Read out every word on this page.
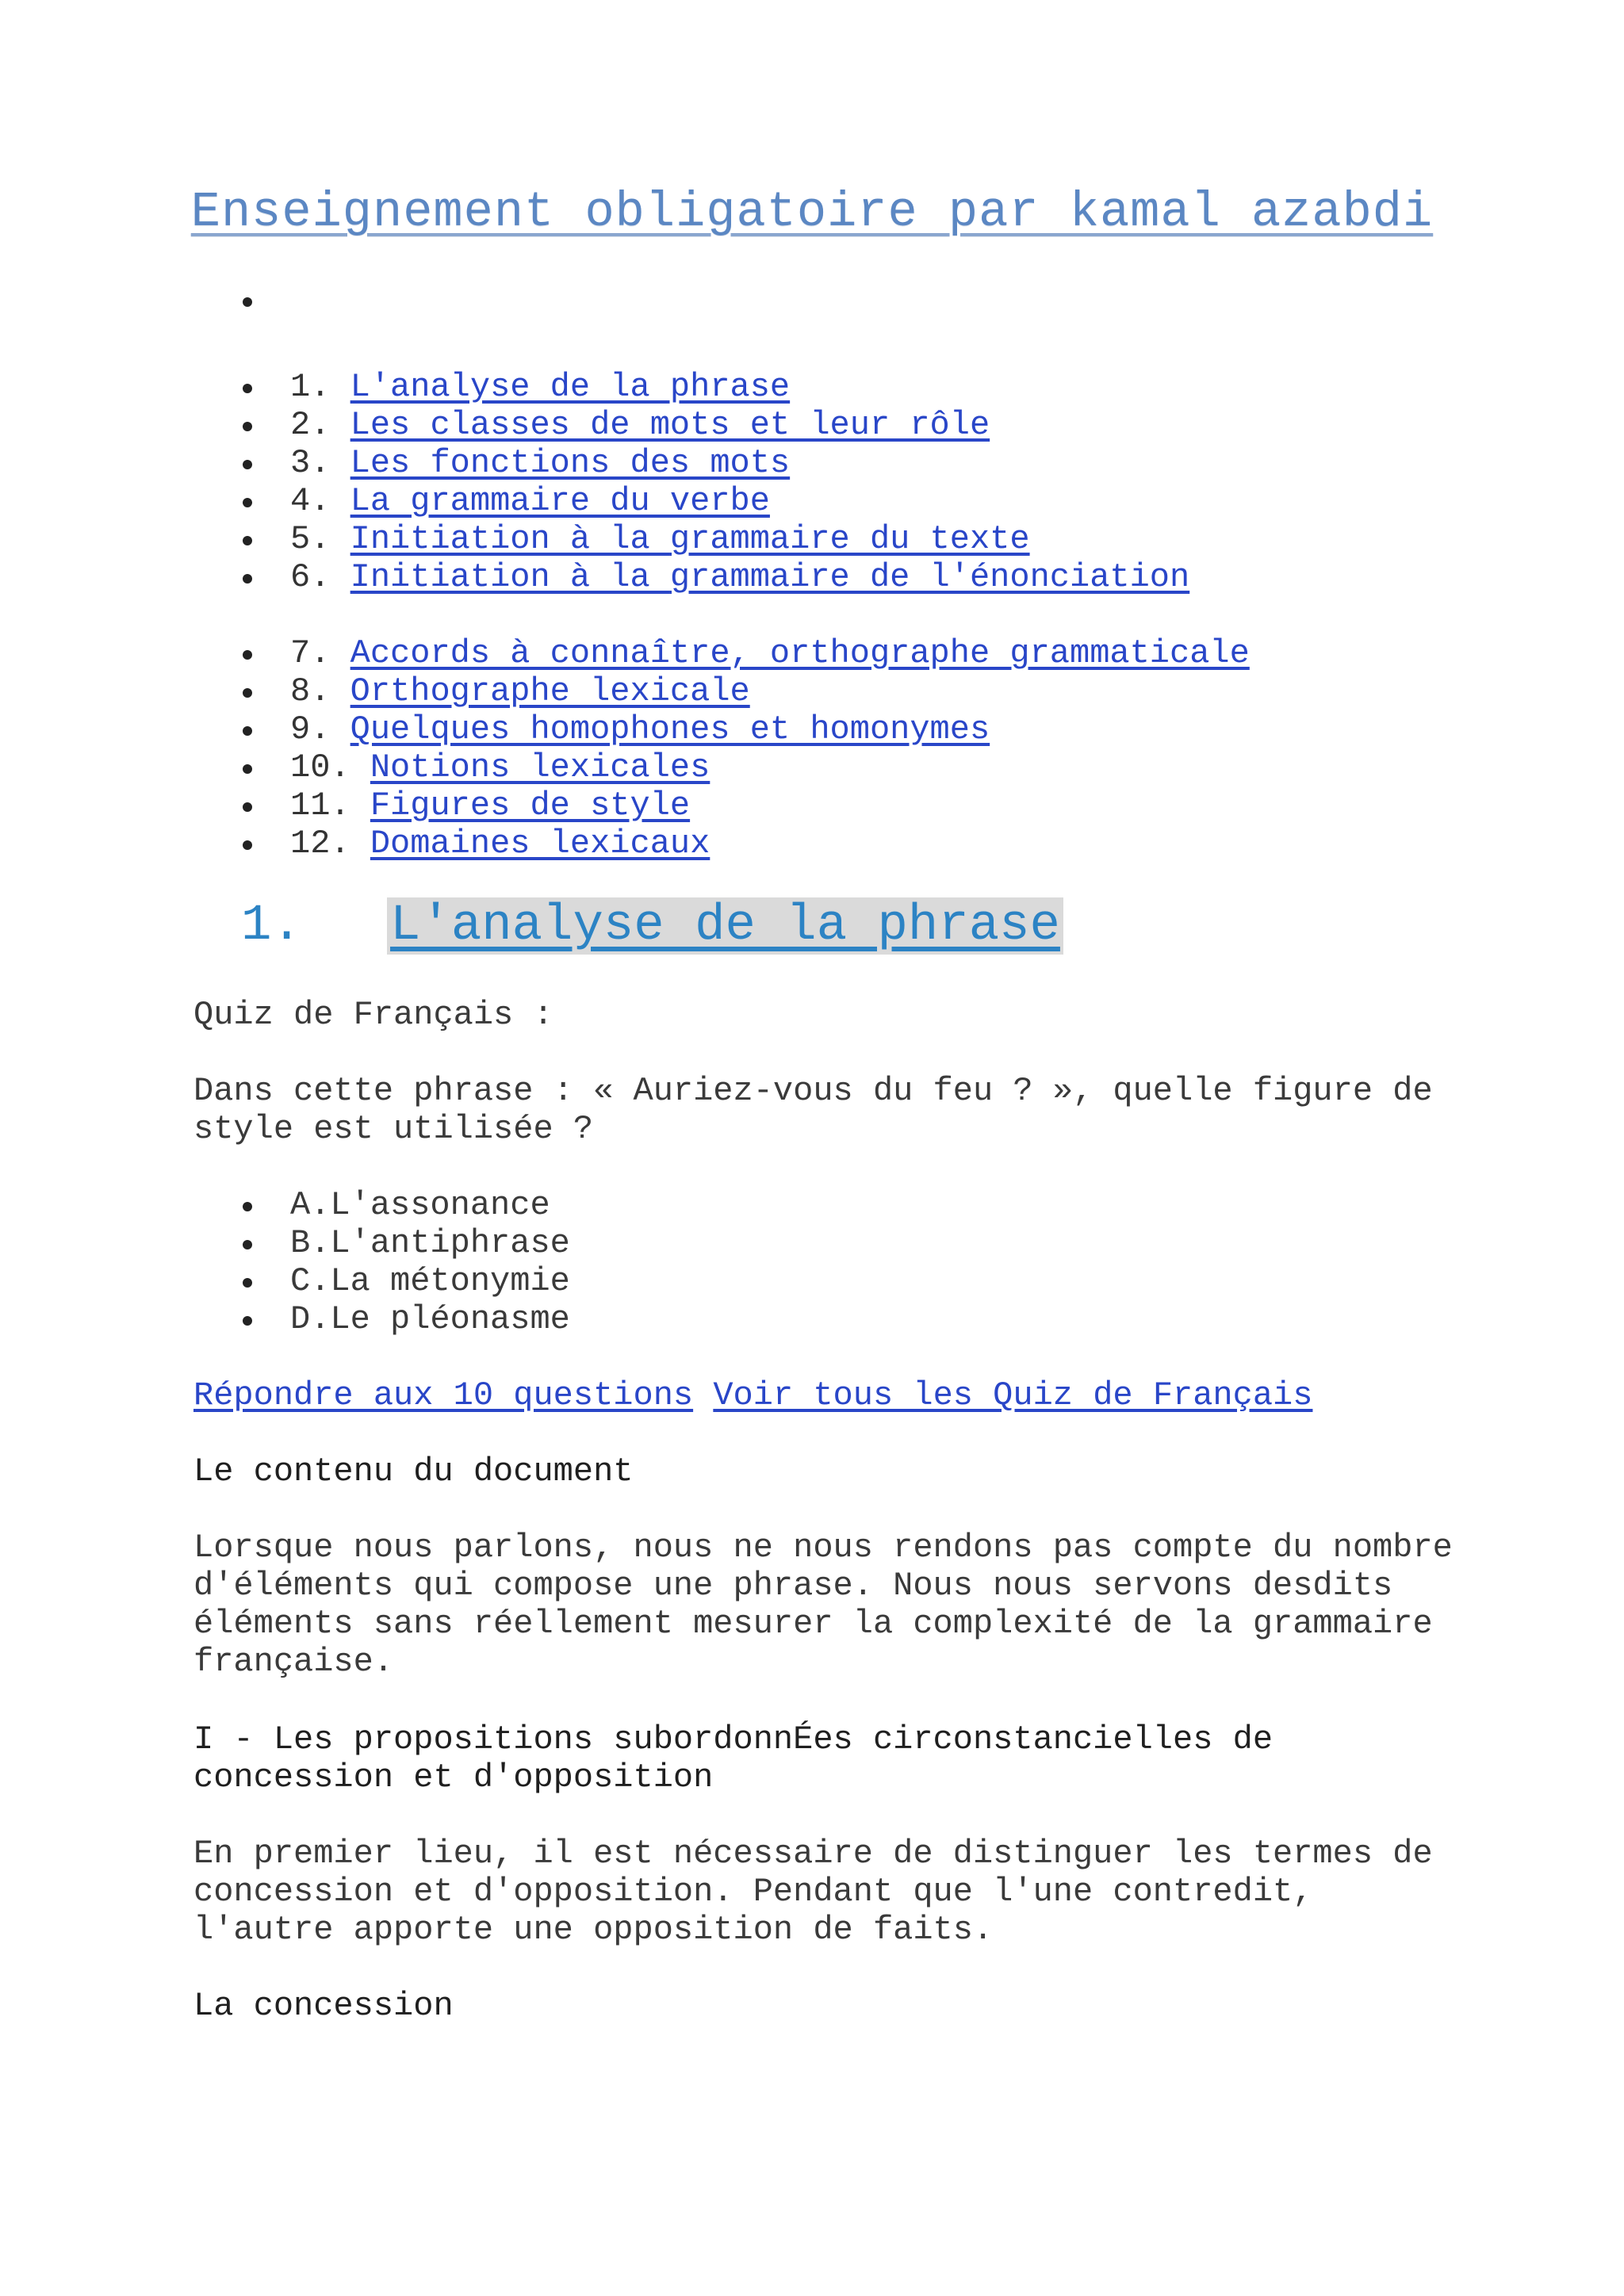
Enseignement obligatoire par kamal azabdi
1. L'analyse de la phrase
2. Les classes de mots et leur rôle
3. Les fonctions des mots
4. La grammaire du verbe
5. Initiation à la grammaire du texte
6. Initiation à la grammaire de l'énonciation
7. Accords à connaître, orthographe grammaticale
8. Orthographe lexicale
9. Quelques homophones et homonymes
10. Notions lexicales
11. Figures de style
12. Domaines lexicaux
1. L'analyse de la phrase

Quiz de Français :

Dans cette phrase : « Auriez-vous du feu ? », quelle figure de
style est utilisée ?

A.L'assonance
B.L'antiphrase
C.La métonymie
D.Le pléonasme
Répondre aux 10 questions Voir tous les Quiz de Français

Le contenu du document

Lorsque nous parlons, nous ne nous rendons pas compte du nombre
d'éléments qui compose une phrase. Nous nous servons desdits
éléments sans réellement mesurer la complexité de la grammaire
française.

I - Les propositions subordonnÉes circonstancielles de
concession et d'opposition

En premier lieu, il est nécessaire de distinguer les termes de
concession et d'opposition. Pendant que l'une contredit,
l'autre apporte une opposition de faits.

La concession
